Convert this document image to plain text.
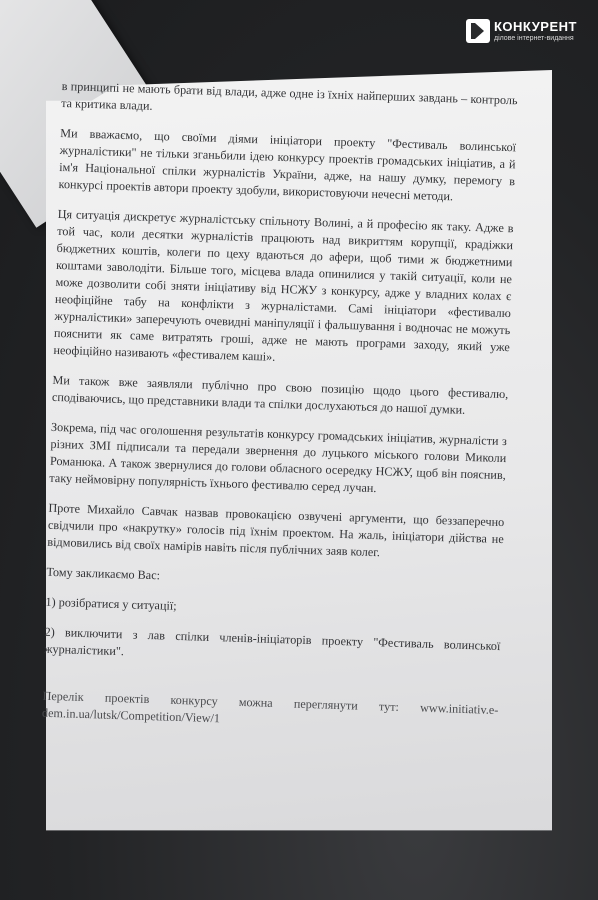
в принципі не мають брати від влади, адже одне із їхніх найперших завдань – контроль та критика влади.

Ми вважаємо, що своїми діями ініціатори проекту "Фестиваль волинської журналістики" не тільки зганьбили ідею конкурсу проектів громадських ініціатив, а й ім'я Національної спілки журналістів України, адже, на нашу думку, перемогу в конкурсі проектів автори проекту здобули, використовуючи нечесні методи.

Ця ситуація дискретує журналістську спільноту Волині, а й професію як таку. Адже в той час, коли десятки журналістів працюють над викриттям корупції, крадіжки бюджетних коштів, колеги по цеху вдаються до афери, щоб тими ж бюджетними коштами заволодіти. Більше того, місцева влада опинилися у такій ситуації, коли не може дозволити собі зняти ініціативу від НСЖУ з конкурсу, адже у владних колах є неофіційне табу на конфлікти з журналістами. Самі ініціатори «фестивалю журналістики» заперечують очевидні маніпуляції і фальшування і водночас не можуть пояснити як саме витратять гроші, адже не мають програми заходу, який уже неофіційно називають «фестивалем каші».

Ми також вже заявляли публічно про свою позицію щодо цього фестивалю, сподіваючись, що представники влади та спілки дослухаються до нашої думки.

Зокрема, під час оголошення результатів конкурсу громадських ініціатив, журналісти з різних ЗМІ підписали та передали звернення до луцького міського голови Миколи Романюка. А також звернулися до голови обласного осередку НСЖУ, щоб він пояснив, таку неймовірну популярність їхнього фестивалю серед лучан.

Проте Михайло Савчак назвав провокацією озвучені аргументи, що беззаперечно свідчили про «накрутку» голосів під їхнім проектом. На жаль, ініціатори дійства не відмовились від своїх намірів навіть після публічних заяв колег.

Тому закликаємо Вас:

1) розібратися у ситуації;

2) виключити з лав спілки членів-ініціаторів проекту "Фестиваль волинської журналістики".

Перелік проектів конкурсу можна переглянути тут: www.initiativ.e-dem.in.ua/lutsk/Competition/View/1

КОНКУРЕНТ
ділове інтернет-видання
